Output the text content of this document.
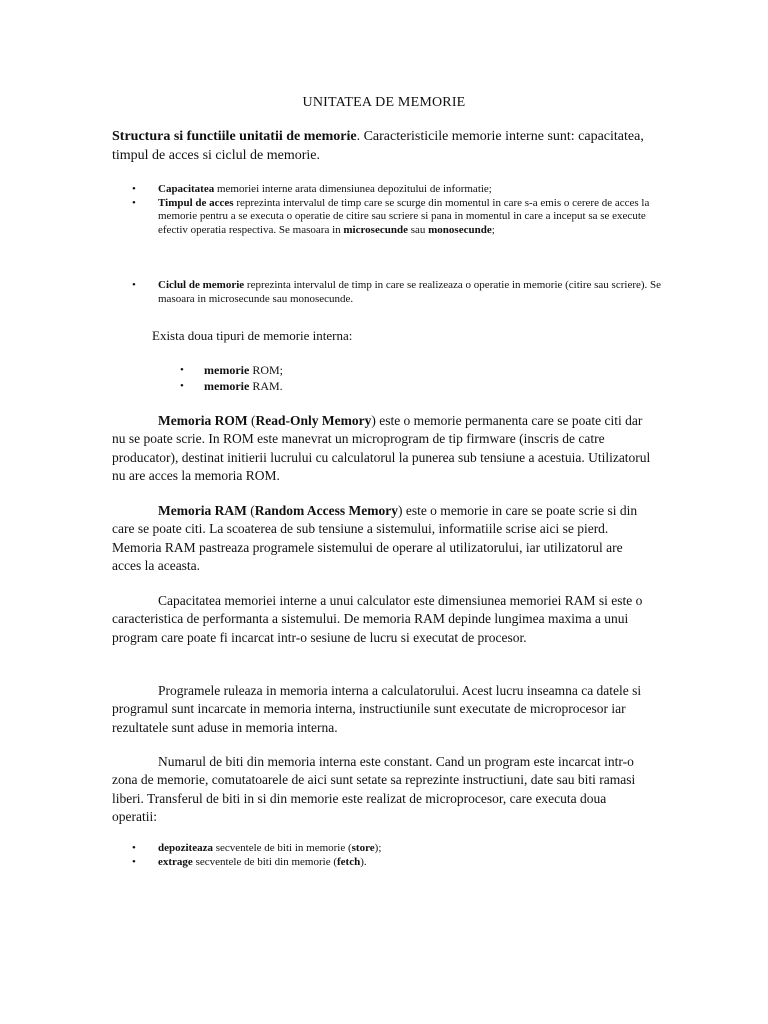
UNITATEA DE MEMORIE
Structura si functiile unitatii de memorie. Caracteristicile memorie interne sunt: capacitatea, timpul de acces si ciclul de memorie.
• Capacitatea memoriei interne arata dimensiunea depozitului de informatie;
• Timpul de acces reprezinta intervalul de timp care se scurge din momentul in care s-a emis o cerere de acces la memorie pentru a se executa o operatie de citire sau scriere si pana in momentul in care a inceput sa se execute efectiv operatia respectiva. Se masoara in microsecunde sau monosecunde;
• Ciclul de memorie reprezinta intervalul de timp in care se realizeaza o operatie in memorie (citire sau scriere). Se masoara in microsecunde sau monosecunde.
Exista doua tipuri de memorie interna:
• memorie ROM;
• memorie RAM.
Memoria ROM (Read-Only Memory) este o memorie permanenta care se poate citi dar nu se poate scrie. In ROM este manevrat un microprogram de tip firmware (inscris de catre producator), destinat initierii lucrului cu calculatorul la punerea sub tensiune a acestuia. Utilizatorul nu are acces la memoria ROM.
Memoria RAM (Random Access Memory) este o memorie in care se poate scrie si din care se poate citi. La scoaterea de sub tensiune a sistemului, informatiile scrise aici se pierd. Memoria RAM pastreaza programele sistemului de operare al utilizatorului, iar utilizatorul are acces la aceasta.
Capacitatea memoriei interne a unui calculator este dimensiunea memoriei RAM si este o caracteristica de performanta a sistemului. De memoria RAM depinde lungimea maxima a unui program care poate fi incarcat intr-o sesiune de lucru si executat de procesor.
Programele ruleaza in memoria interna a calculatorului. Acest lucru inseamna ca datele si programul sunt incarcate in memoria interna, instructiunile sunt executate de microprocesor iar rezultatele sunt aduse in memoria interna.
Numarul de biti din memoria interna este constant. Cand un program este incarcat intr-o zona de memorie, comutatoarele de aici sunt setate sa reprezinte instructiuni, date sau biti ramasi liberi. Transferul de biti in si din memorie este realizat de microprocesor, care executa doua operatii:
• depoziteaza secventele de biti in memorie (store);
• extrage secventele de biti din memorie (fetch).
